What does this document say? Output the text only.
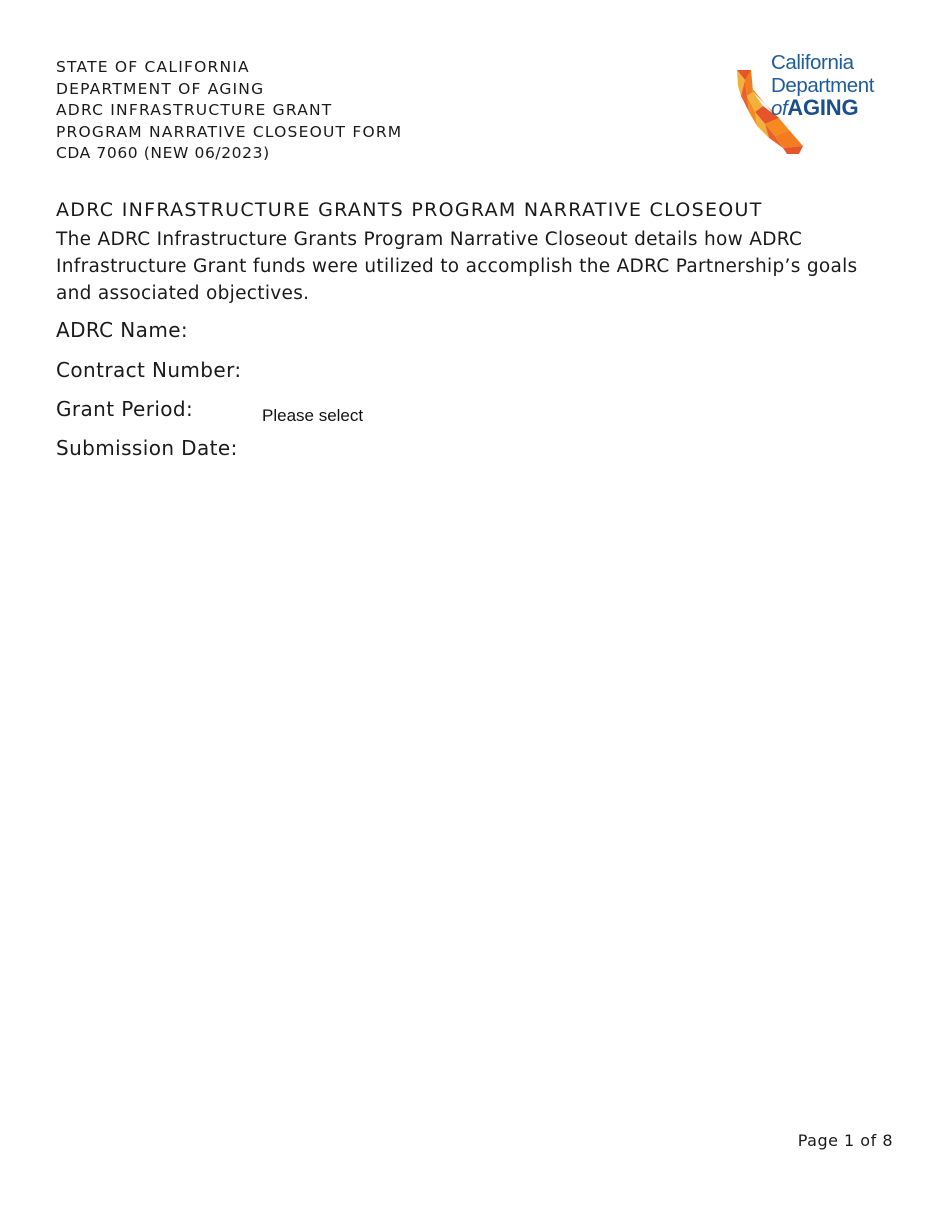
STATE OF CALIFORNIA
DEPARTMENT OF AGING
ADRC INFRASTRUCTURE GRANT
PROGRAM NARRATIVE CLOSEOUT FORM
CDA 7060 (NEW 06/2023)
California
Department
ofAGING
ADRC INFRASTRUCTURE GRANTS PROGRAM NARRATIVE CLOSEOUT
The ADRC Infrastructure Grants Program Narrative Closeout details how ADRC Infrastructure Grant funds were utilized to accomplish the ADRC Partnership’s goals and associated objectives.
ADRC Name:
Contract Number:
Grant Period:	Please select
Submission Date:
Page 1 of 8
